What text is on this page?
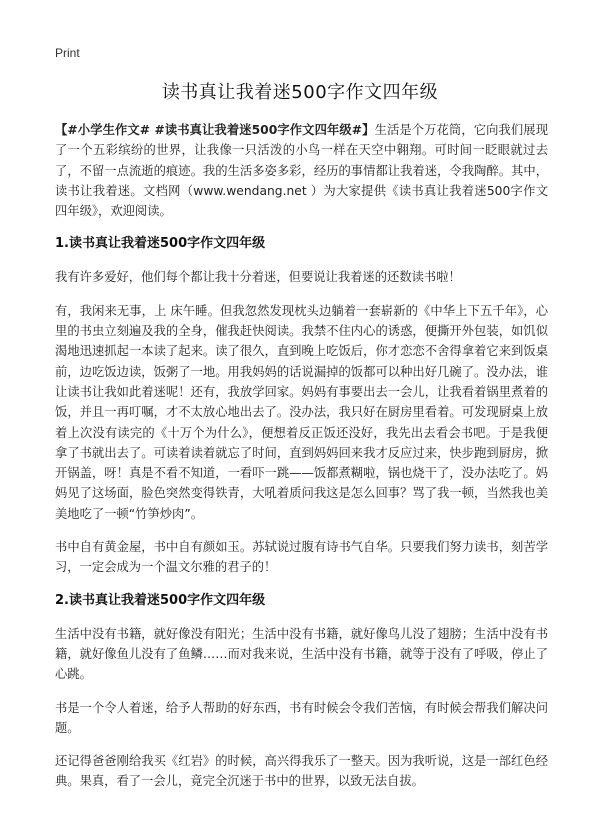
Print
读书真让我着迷500字作文四年级

【#小学生作文# #读书真让我着迷500字作文四年级#】生活是个万花筒，它向我们展现了一个五彩缤纷的世界，让我像一只活泼的小鸟一样在天空中翱翔。可时间一眨眼就过去了，不留一点流逝的痕迹。我的生活多姿多彩，经历的事情都让我着迷，令我陶醉。其中，读书让我着迷。文档网（www.wendang.net ）为大家提供《读书真让我着迷500字作文四年级》，欢迎阅读。

1.读书真让我着迷500字作文四年级

我有许多爱好，他们每个都让我十分着迷，但要说让我着迷的还数读书啦！

有，我闲来无事，上 床午睡。但我忽然发现枕头边躺着一套崭新的《中华上下五千年》，心里的书虫立刻遍及我的全身，催我赶快阅读。我禁不住内心的诱惑，便撕开外包装，如饥似渴地迅速抓起一本读了起来。读了很久，直到晚上吃饭后，你才恋恋不舍得拿着它来到饭桌前，边吃饭边读，饭粥了一地。用我妈妈的话说漏掉的饭都可以种出好几碗了。没办法，谁让读书让我如此着迷呢！还有，我放学回家。妈妈有事要出去一会儿，让我看着锅里煮着的饭，并且一再叮嘱，才不太放心地出去了。没办法，我只好在厨房里看着。可发现厨桌上放着上次没有读完的《十万个为什么》，便想着反正饭还没好，我先出去看会书吧。于是我便拿了书就出去了。可读着读着就忘了时间，直到妈妈回来我才反应过来，快步跑到厨房，掀开锅盖，呀！真是不看不知道，一看吓一跳——饭都煮糊啦，锅也烧干了，没办法吃了。妈妈见了这场面，脸色突然变得铁青，大吼着质问我这是怎么回事？骂了我一顿，当然我也美美地吃了一顿“竹笋炒肉”。

书中自有黄金屋，书中自有颜如玉。苏轼说过腹有诗书气自华。只要我们努力读书，刻苦学习，一定会成为一个温文尔雅的君子的！

2.读书真让我着迷500字作文四年级

生活中没有书籍，就好像没有阳光；生活中没有书籍，就好像鸟儿没了翅膀；生活中没有书籍，就好像鱼儿没有了鱼鳞……而对我来说，生活中没有书籍，就等于没有了呼吸，停止了心跳。

书是一个令人着迷，给予人帮助的好东西，书有时候会令我们苦恼，有时候会帮我们解决问题。

还记得爸爸刚给我买《红岩》的时候，高兴得我乐了一整天。因为我听说，这是一部红色经典。果真，看了一会儿，竟完全沉迷于书中的世界，以致无法自拔。
